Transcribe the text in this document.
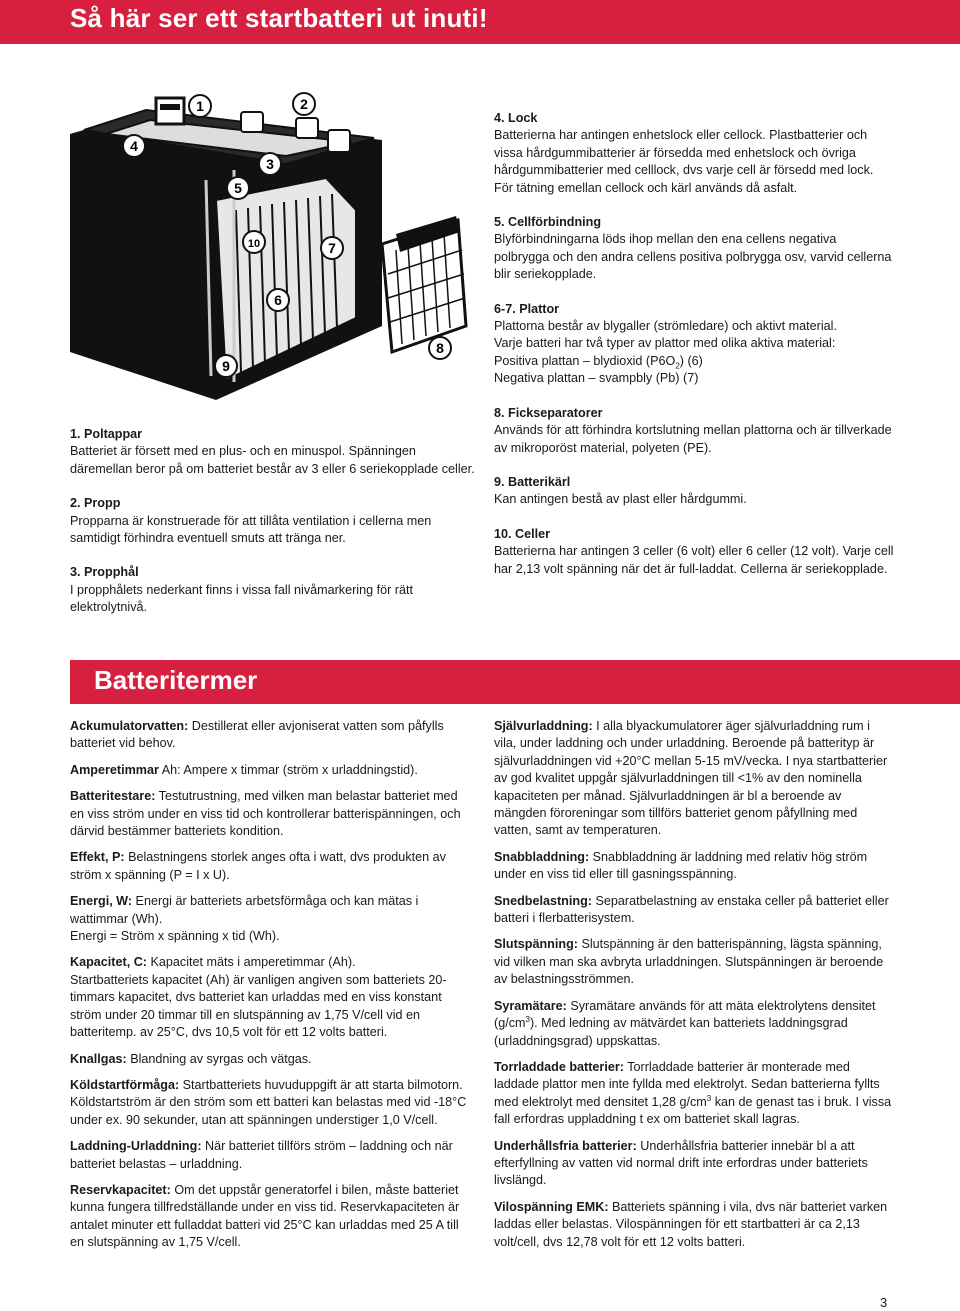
Så här ser ett startbatteri ut inuti!
1	2
3
4
5
6
7
8
9
10
4. Lock
Batterierna har antingen enhetslock eller cellock. Plastbatterier och vissa hårdgummibatterier är försedda med enhetslock och övriga hårdgummibatterier med celllock, dvs varje cell är försedd med lock. För tätning emellan cellock och kärl används då asfalt.
5. Cellförbindning
Blyförbindningarna löds ihop mellan den ena cellens negativa polbrygga och den andra cellens positiva polbrygga osv, varvid cellerna blir seriekopplade.
6-7. Plattor
Plattorna består av blygaller (strömledare) och aktivt material.
Varje batteri har två typer av plattor med olika aktiva material:
Positiva plattan – blydioxid $(P6O_2)$ (6)
Negativa plattan – svampbly (Pb) (7)
8. Fickseparatorer
Används för att förhindra kortslutning mellan plattorna och är tillverkade av mikroporöst material, polyeten (PE).
9. Batterikärl
Kan antingen bestå av plast eller hårdgummi.
10. Celler
Batterierna har antingen 3 celler (6 volt) eller 6 celler (12 volt). Varje cell har 2,13 volt spänning när det är full-laddat. Cellerna är seriekopplade.
1. Poltappar
Batteriet är försett med en plus- och en minuspol. Spänningen däremellan beror på om batteriet består av 3 eller 6 seriekopplade celler.
2. Propp
Propparna är konstruerade för att tillåta ventilation i cellerna men samtidigt förhindra eventuell smuts att tränga ner.
3. Propphål
I propphålets nederkant finns i vissa fall nivåmarkering för rätt elektrolytnivå.
Batteritermer

Ackumulatorvatten: Destillerat eller avjoniserat vatten som påfylls batteriet vid behov.

Amperetimmar Ah: Ampere x timmar (ström x urladdningstid).

Batteritestare: Testutrustning, med vilken man belastar batteriet med en viss ström under en viss tid och kontrollerar batterispänningen, och därvid bestämmer batteriets kondition.

Effekt, P: Belastningens storlek anges ofta i watt, dvs produkten av ström x spänning (P = I x U).

Energi, W: Energi är batteriets arbetsförmåga och kan mätas i wattimmar (Wh).
Energi = Ström x spänning x tid (Wh).

Kapacitet, C: Kapacitet mäts i amperetimmar (Ah).
Startbatteriets kapacitet (Ah) är vanligen angiven som batteriets 20-timmars kapacitet, dvs batteriet kan urladdas med en viss konstant ström under 20 timmar till en slutspänning av 1,75 V/cell vid en batteritemp. av 25°C, dvs 10,5 volt för ett 12 volts batteri.

Knallgas: Blandning av syrgas och vätgas.

Köldstartförmåga: Startbatteriets huvuduppgift är att starta bilmotorn. Köldstartström är den ström som ett batteri kan belastas med vid -18°C under ex. 90 sekunder, utan att spänningen understiger 1,0 V/cell.

Laddning-Urladdning: När batteriet tillförs ström – laddning och när batteriet belastas – urladdning.

Reservkapacitet: Om det uppstår generatorfel i bilen, måste batteriet kunna fungera tillfredställande under en viss tid. Reservkapaciteten är antalet minuter ett fulladdat batteri vid 25°C kan urladdas med 25 A till en slutspänning av 1,75 V/cell.

Självurladdning: I alla blyackumulatorer äger självurladdning rum i vila, under laddning och under urladdning. Beroende på batterityp är självurladdningen vid +20°C mellan 5-15 mV/vecka. I nya startbatterier av god kvalitet uppgår självurladdningen till <1% av den nominella kapaciteten per månad. Självurladdningen är bl a beroende av mängden föroreningar som tillförs batteriet genom påfyllning med vatten, samt av temperaturen.

Snabbladdning: Snabbladdning är laddning med relativ hög ström under en viss tid eller till gasningsspänning.

Snedbelastning: Separatbelastning av enstaka celler på batteriet eller batteri i flerbatterisystem.

Slutspänning: Slutspänning är den batterispänning, lägsta spänning, vid vilken man ska avbryta urladdningen. Slutspänningen är beroende av belastningsströmmen.

Syramätare: Syramätare används för att mäta elektrolytens densitet $(g/cm^3)$. Med ledning av mätvärdet kan batteriets laddningsgrad (urladdningsgrad) uppskattas.

Torrladdade batterier: Torrladdade batterier är monterade med laddade plattor men inte fyllda med elektrolyt. Sedan batterierna fyllts med elektrolyt med densitet 1,28 $g/cm^3$ kan de genast tas i bruk. I vissa fall erfordras uppladdning t ex om batteriet skall lagras.

Underhållsfria batterier: Underhållsfria batterier innebär bl a att efterfyllning av vatten vid normal drift inte erfordras under batteriets livslängd.

Vilospänning EMK: Batteriets spänning i vila, dvs när batteriet varken laddas eller belastas. Vilospänningen för ett startbatteri är ca 2,13 volt/cell, dvs 12,78 volt för ett 12 volts batteri.

3
